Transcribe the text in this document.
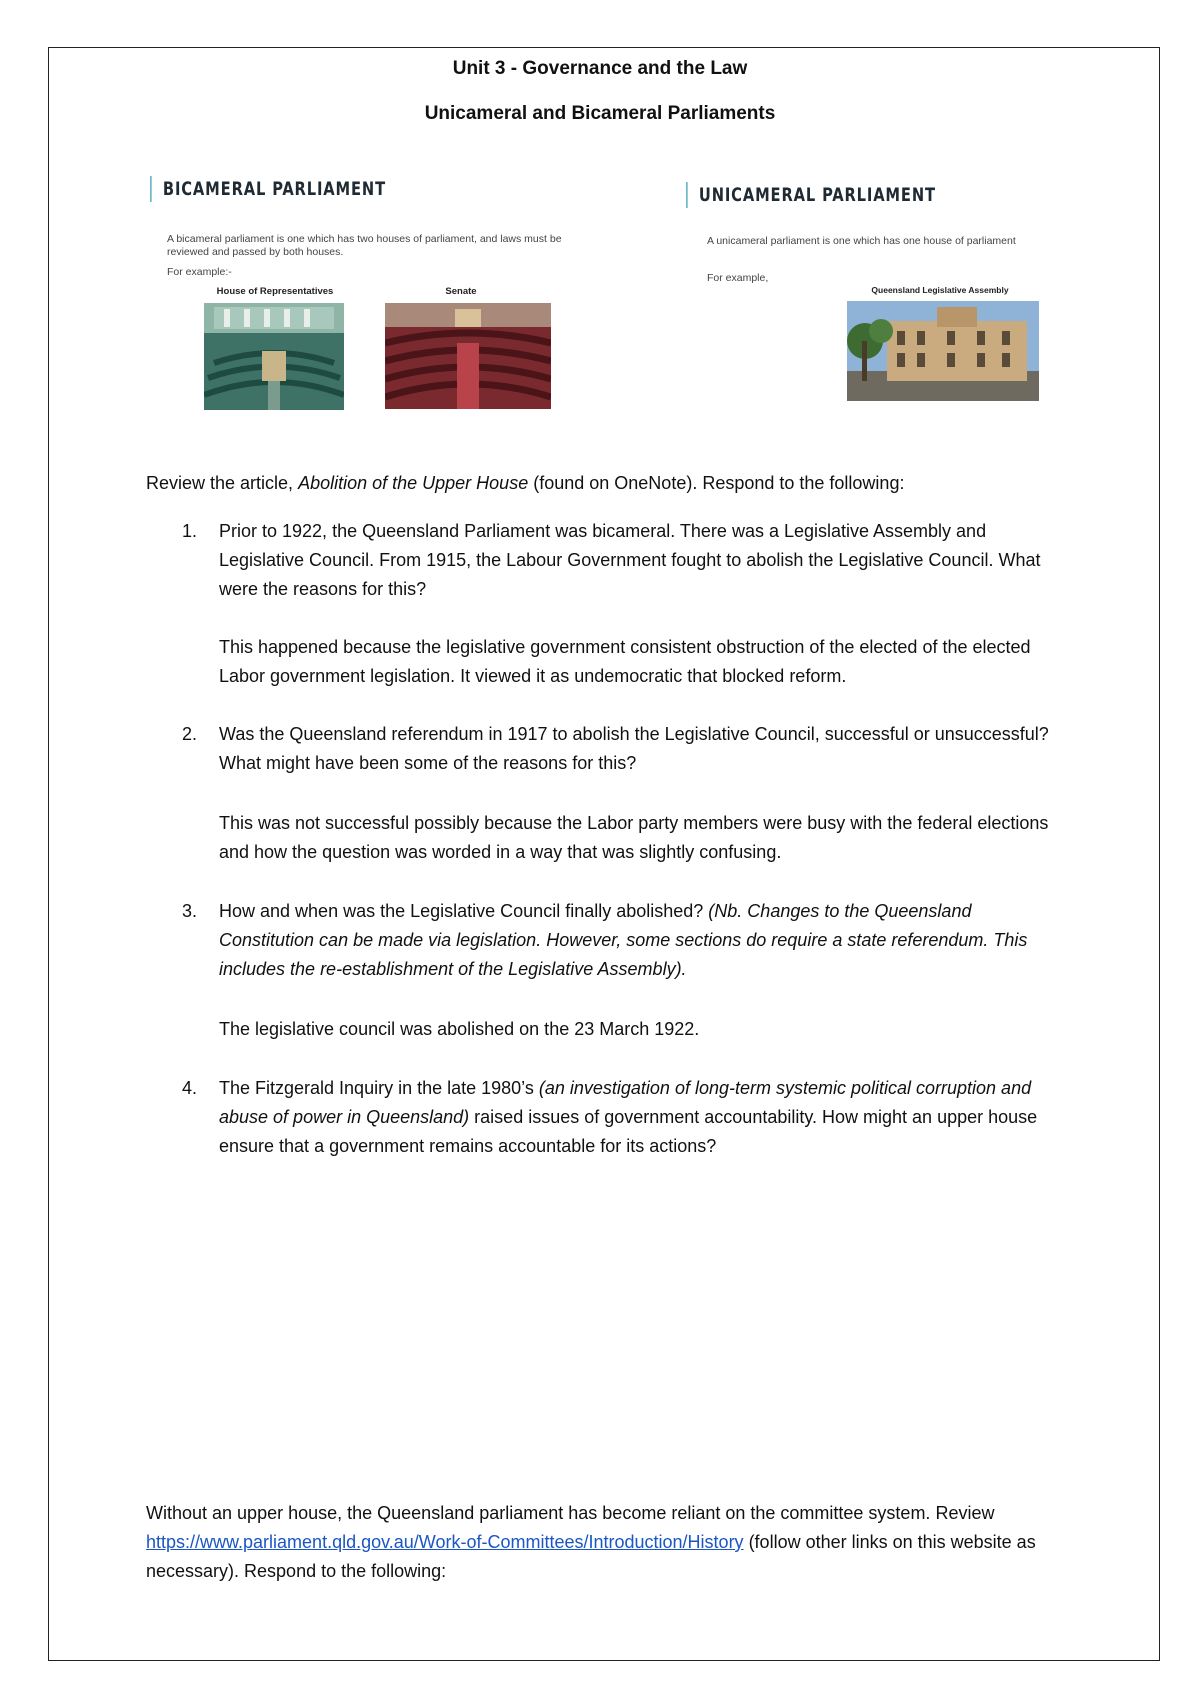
Unit 3 - Governance and the Law
Unicameral and Bicameral Parliaments
BICAMERAL PARLIAMENT
A bicameral parliament is one which has two houses of parliament, and laws must be reviewed and passed by both houses.
For example:-
House of Representatives	Senate
UNICAMERAL PARLIAMENT
A unicameral parliament is one which has one house of parliament
For example,
Queensland Legislative Assembly
Review the article, Abolition of the Upper House (found on OneNote). Respond to the following:
1. Prior to 1922, the Queensland Parliament was bicameral. There was a Legislative Assembly and Legislative Council. From 1915, the Labour Government fought to abolish the Legislative Council. What were the reasons for this?
This happened because the legislative government consistent obstruction of the elected of the elected Labor government legislation. It viewed it as undemocratic that blocked reform.
2. Was the Queensland referendum in 1917 to abolish the Legislative Council, successful or unsuccessful? What might have been some of the reasons for this?
This was not successful possibly because the Labor party members were busy with the federal elections and how the question was worded in a way that was slightly confusing.
3. How and when was the Legislative Council finally abolished? (Nb. Changes to the Queensland Constitution can be made via legislation. However, some sections do require a state referendum. This includes the re-establishment of the Legislative Assembly).
The legislative council was abolished on the 23 March 1922.
4. The Fitzgerald Inquiry in the late 1980’s (an investigation of long-term systemic political corruption and abuse of power in Queensland) raised issues of government accountability. How might an upper house ensure that a government remains accountable for its actions?
Without an upper house, the Queensland parliament has become reliant on the committee system. Review https://www.parliament.qld.gov.au/Work-of-Committees/Introduction/History (follow other links on this website as necessary). Respond to the following:
